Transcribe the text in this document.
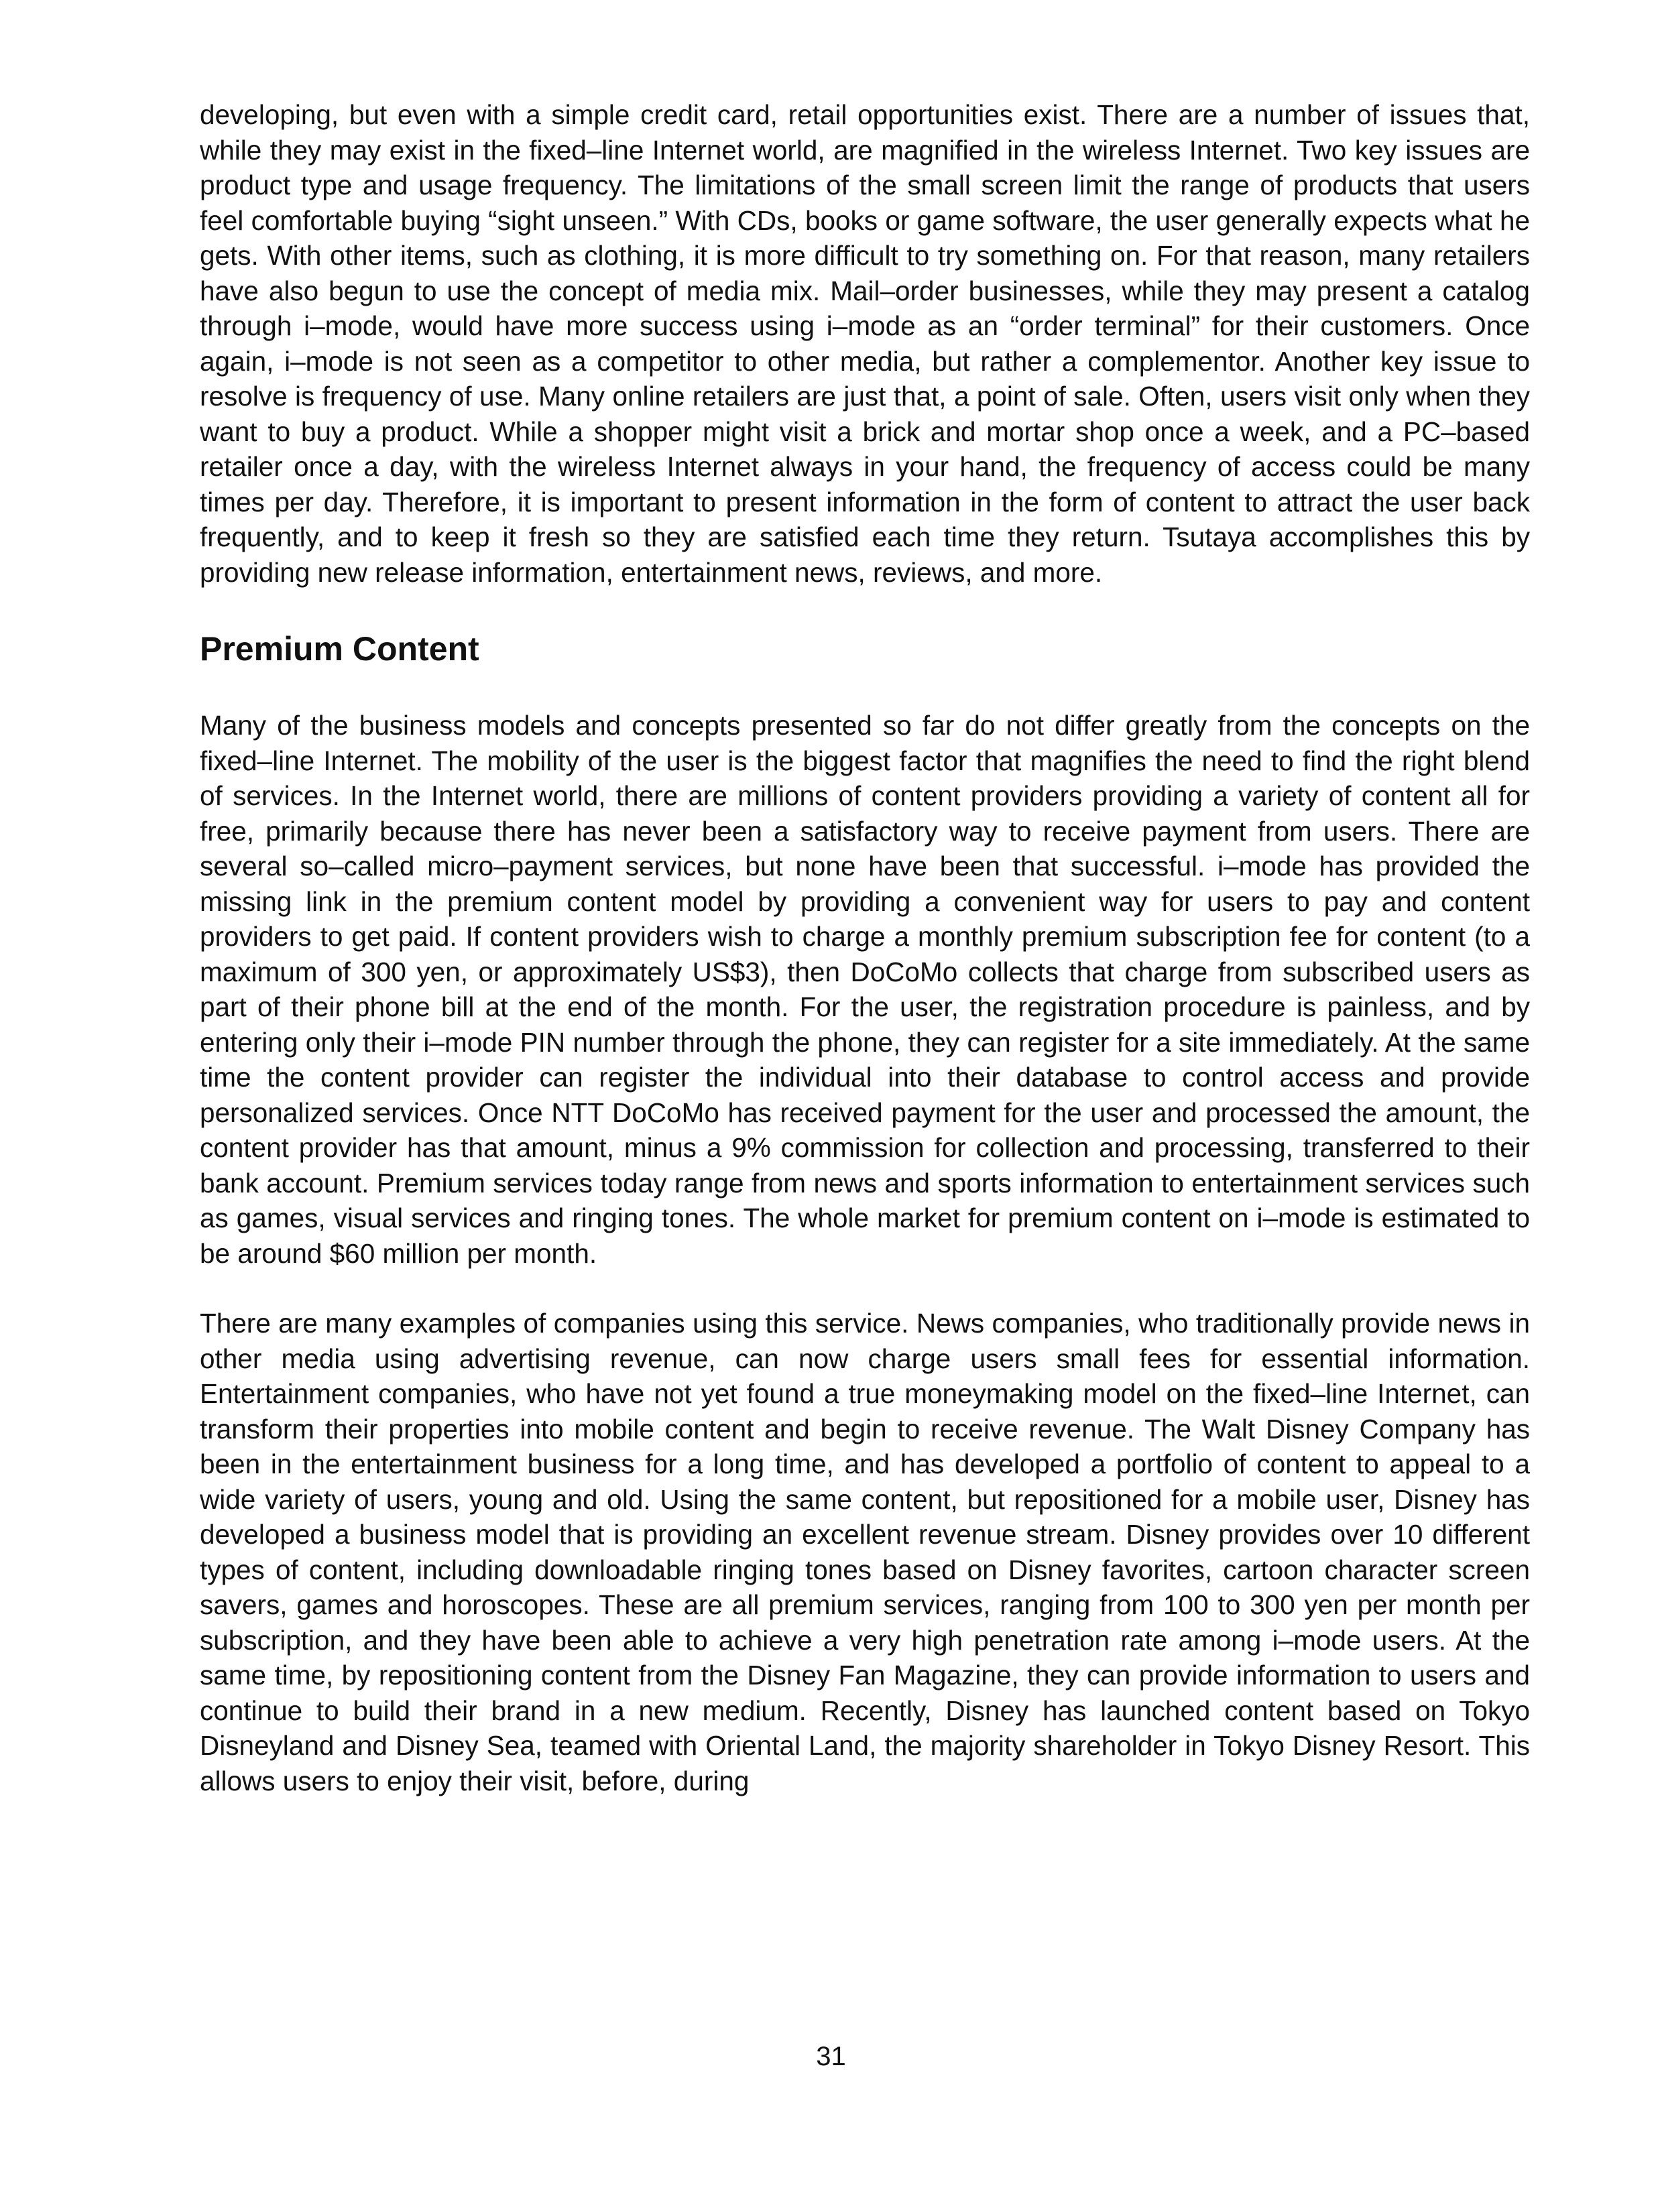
developing, but even with a simple credit card, retail opportunities exist. There are a number of issues that, while they may exist in the fixed–line Internet world, are magnified in the wireless Internet. Two key issues are product type and usage frequency. The limitations of the small screen limit the range of products that users feel comfortable buying “sight unseen.” With CDs, books or game software, the user generally expects what he gets. With other items, such as clothing, it is more difficult to try something on. For that reason, many retailers have also begun to use the concept of media mix. Mail–order businesses, while they may present a catalog through i–mode, would have more success using i–mode as an “order terminal” for their customers. Once again, i–mode is not seen as a competitor to other media, but rather a complementor. Another key issue to resolve is frequency of use. Many online retailers are just that, a point of sale. Often, users visit only when they want to buy a product. While a shopper might visit a brick and mortar shop once a week, and a PC–based retailer once a day, with the wireless Internet always in your hand, the frequency of access could be many times per day. Therefore, it is important to present information in the form of content to attract the user back frequently, and to keep it fresh so they are satisfied each time they return. Tsutaya accomplishes this by providing new release information, entertainment news, reviews, and more.

Premium Content

Many of the business models and concepts presented so far do not differ greatly from the concepts on the fixed–line Internet. The mobility of the user is the biggest factor that magnifies the need to find the right blend of services. In the Internet world, there are millions of content providers providing a variety of content all for free, primarily because there has never been a satisfactory way to receive payment from users. There are several so–called micro–payment services, but none have been that successful. i–mode has provided the missing link in the premium content model by providing a convenient way for users to pay and content providers to get paid. If content providers wish to charge a monthly premium subscription fee for content (to a maximum of 300 yen, or approximately US$3), then DoCoMo collects that charge from subscribed users as part of their phone bill at the end of the month. For the user, the registration procedure is painless, and by entering only their i–mode PIN number through the phone, they can register for a site immediately. At the same time the content provider can register the individual into their database to control access and provide personalized services. Once NTT DoCoMo has received payment for the user and processed the amount, the content provider has that amount, minus a 9% commission for collection and processing, transferred to their bank account. Premium services today range from news and sports information to entertainment services such as games, visual services and ringing tones. The whole market for premium content on i–mode is estimated to be around $60 million per month.

There are many examples of companies using this service. News companies, who traditionally provide news in other media using advertising revenue, can now charge users small fees for essential information. Entertainment companies, who have not yet found a true moneymaking model on the fixed–line Internet, can transform their properties into mobile content and begin to receive revenue. The Walt Disney Company has been in the entertainment business for a long time, and has developed a portfolio of content to appeal to a wide variety of users, young and old. Using the same content, but repositioned for a mobile user, Disney has developed a business model that is providing an excellent revenue stream. Disney provides over 10 different types of content, including downloadable ringing tones based on Disney favorites, cartoon character screen savers, games and horoscopes. These are all premium services, ranging from 100 to 300 yen per month per subscription, and they have been able to achieve a very high penetration rate among i–mode users. At the same time, by repositioning content from the Disney Fan Magazine, they can provide information to users and continue to build their brand in a new medium. Recently, Disney has launched content based on Tokyo Disneyland and Disney Sea, teamed with Oriental Land, the majority shareholder in Tokyo Disney Resort. This allows users to enjoy their visit, before, during

31
